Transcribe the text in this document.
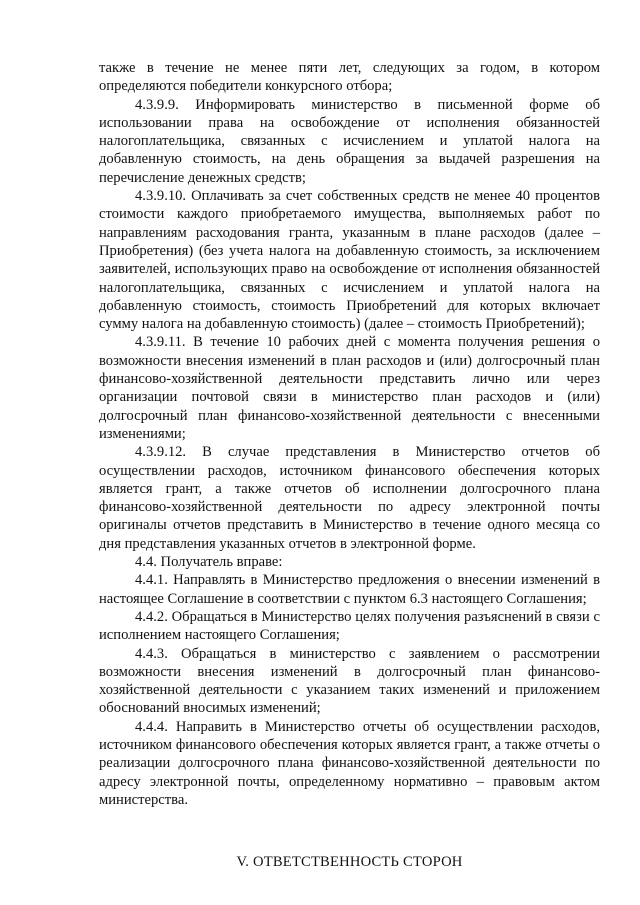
также в течение не менее пяти лет, следующих за годом, в котором определяются победители конкурсного отбора;

4.3.9.9. Информировать министерство в письменной форме об использовании права на освобождение от исполнения обязанностей налогоплательщика, связанных с исчислением и уплатой налога на добавленную стоимость, на день обращения за выдачей разрешения на перечисление денежных средств;

4.3.9.10. Оплачивать за счет собственных средств не менее 40 процентов стоимости каждого приобретаемого имущества, выполняемых работ по направлениям расходования гранта, указанным в плане расходов (далее – Приобретения) (без учета налога на добавленную стоимость, за исключением заявителей, использующих право на освобождение от исполнения обязанностей налогоплательщика, связанных с исчислением и уплатой налога на добавленную стоимость, стоимость Приобретений для которых включает сумму налога на добавленную стоимость) (далее – стоимость Приобретений);

4.3.9.11. В течение 10 рабочих дней с момента получения решения о возможности внесения изменений в план расходов и (или) долгосрочный план финансово-хозяйственной деятельности представить лично или через организации почтовой связи в министерство план расходов и (или) долгосрочный план финансово-хозяйственной деятельности с внесенными изменениями;

4.3.9.12. В случае представления в Министерство отчетов об осуществлении расходов, источником финансового обеспечения которых является грант, а также отчетов об исполнении долгосрочного плана финансово-хозяйственной деятельности по адресу электронной почты оригиналы отчетов представить в Министерство в течение одного месяца со дня представления указанных отчетов в электронной форме.

4.4. Получатель вправе:

4.4.1. Направлять в Министерство предложения о внесении изменений в настоящее Соглашение в соответствии с пунктом 6.3 настоящего Соглашения;

4.4.2. Обращаться в Министерство целях получения разъяснений в связи с исполнением настоящего Соглашения;

4.4.3. Обращаться в министерство с заявлением о рассмотрении возможности внесения изменений в долгосрочный план финансово-хозяйственной деятельности с указанием таких изменений и приложением обоснований вносимых изменений;

4.4.4. Направить в Министерство отчеты об осуществлении расходов, источником финансового обеспечения которых является грант, а также отчеты о реализации долгосрочного плана финансово-хозяйственной деятельности по адресу электронной почты, определенному нормативно – правовым актом министерства.

V. ОТВЕТСТВЕННОСТЬ СТОРОН
